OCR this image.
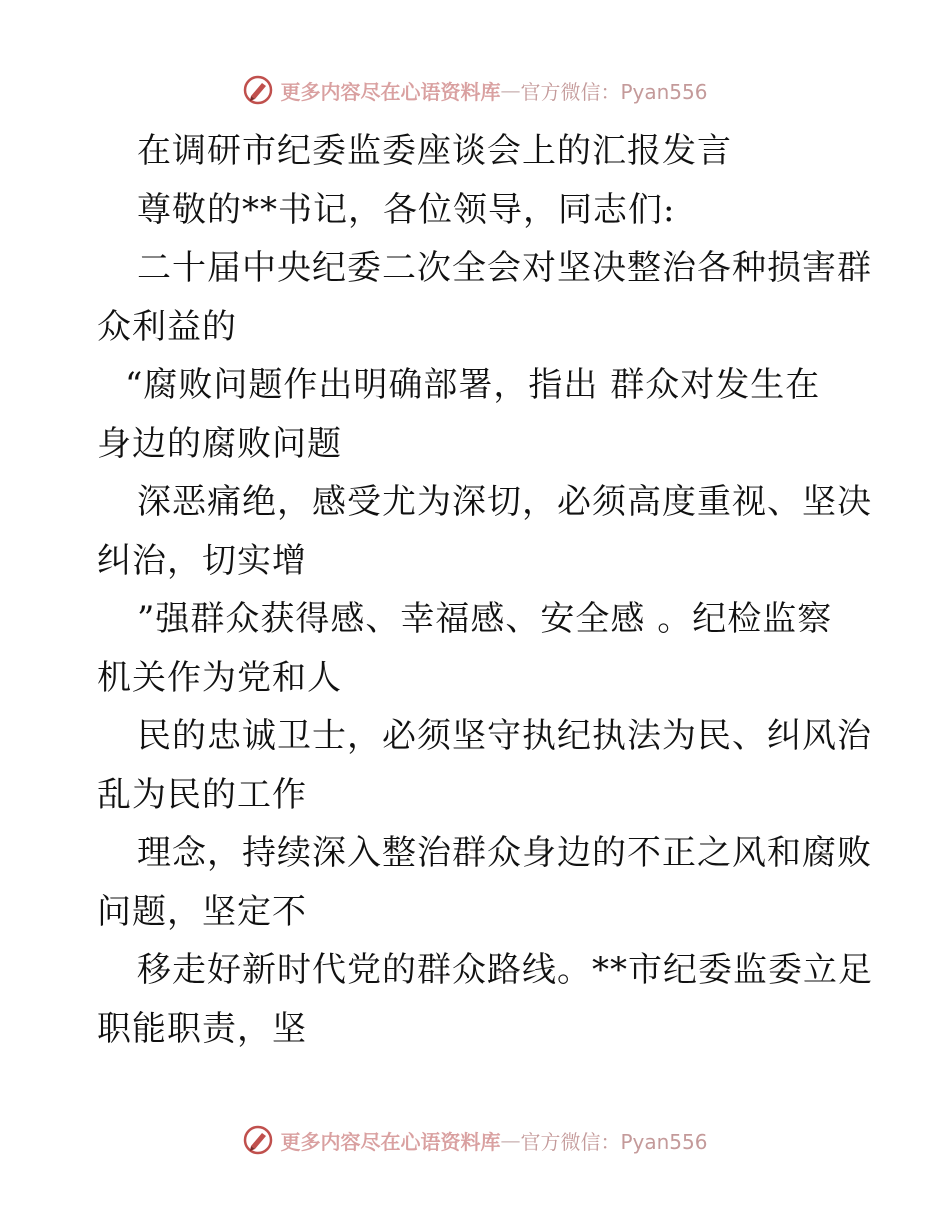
更多内容尽在心语资料库 — 官方微信：Pyan556
在调研市纪委监委座谈会上的汇报发言
尊敬的**书记，各位领导，同志们:
二十届中央纪委二次全会对坚决整治各种损害群
众利益的
“腐败问题作出明确部署，指出 群众对发生在
身边的腐败问题
深恶痛绝，感受尤为深切，必须高度重视、坚决
纠治，切实增
”强群众获得感、幸福感、安全感 。纪检监察
机关作为党和人
民的忠诚卫士，必须坚守执纪执法为民、纠风治
乱为民的工作
理念，持续深入整治群众身边的不正之风和腐败
问题，坚定不
移走好新时代党的群众路线。**市纪委监委立足
职能职责，坚
更多内容尽在心语资料库 — 官方微信：Pyan556
